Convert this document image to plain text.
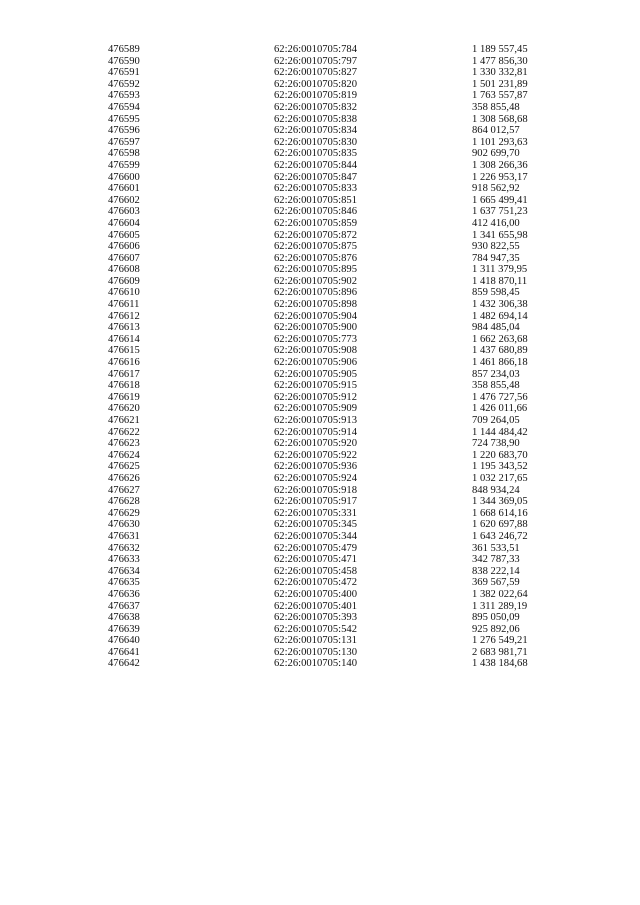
476589	62:26:0010705:784	1 189 557,45
476590	62:26:0010705:797	1 477 856,30
476591	62:26:0010705:827	1 330 332,81
476592	62:26:0010705:820	1 501 231,89
476593	62:26:0010705:819	1 763 557,87
476594	62:26:0010705:832	358 855,48
476595	62:26:0010705:838	1 308 568,68
476596	62:26:0010705:834	864 012,57
476597	62:26:0010705:830	1 101 293,63
476598	62:26:0010705:835	902 699,70
476599	62:26:0010705:844	1 308 266,36
476600	62:26:0010705:847	1 226 953,17
476601	62:26:0010705:833	918 562,92
476602	62:26:0010705:851	1 665 499,41
476603	62:26:0010705:846	1 637 751,23
476604	62:26:0010705:859	412 416,00
476605	62:26:0010705:872	1 341 655,98
476606	62:26:0010705:875	930 822,55
476607	62:26:0010705:876	784 947,35
476608	62:26:0010705:895	1 311 379,95
476609	62:26:0010705:902	1 418 870,11
476610	62:26:0010705:896	859 598,45
476611	62:26:0010705:898	1 432 306,38
476612	62:26:0010705:904	1 482 694,14
476613	62:26:0010705:900	984 485,04
476614	62:26:0010705:773	1 662 263,68
476615	62:26:0010705:908	1 437 680,89
476616	62:26:0010705:906	1 461 866,18
476617	62:26:0010705:905	857 234,03
476618	62:26:0010705:915	358 855,48
476619	62:26:0010705:912	1 476 727,56
476620	62:26:0010705:909	1 426 011,66
476621	62:26:0010705:913	709 264,05
476622	62:26:0010705:914	1 144 484,42
476623	62:26:0010705:920	724 738,90
476624	62:26:0010705:922	1 220 683,70
476625	62:26:0010705:936	1 195 343,52
476626	62:26:0010705:924	1 032 217,65
476627	62:26:0010705:918	848 934,24
476628	62:26:0010705:917	1 344 369,05
476629	62:26:0010705:331	1 668 614,16
476630	62:26:0010705:345	1 620 697,88
476631	62:26:0010705:344	1 643 246,72
476632	62:26:0010705:479	361 533,51
476633	62:26:0010705:471	342 787,33
476634	62:26:0010705:458	838 222,14
476635	62:26:0010705:472	369 567,59
476636	62:26:0010705:400	1 382 022,64
476637	62:26:0010705:401	1 311 289,19
476638	62:26:0010705:393	895 050,09
476639	62:26:0010705:542	925 892,06
476640	62:26:0010705:131	1 276 549,21
476641	62:26:0010705:130	2 683 981,71
476642	62:26:0010705:140	1 438 184,68
